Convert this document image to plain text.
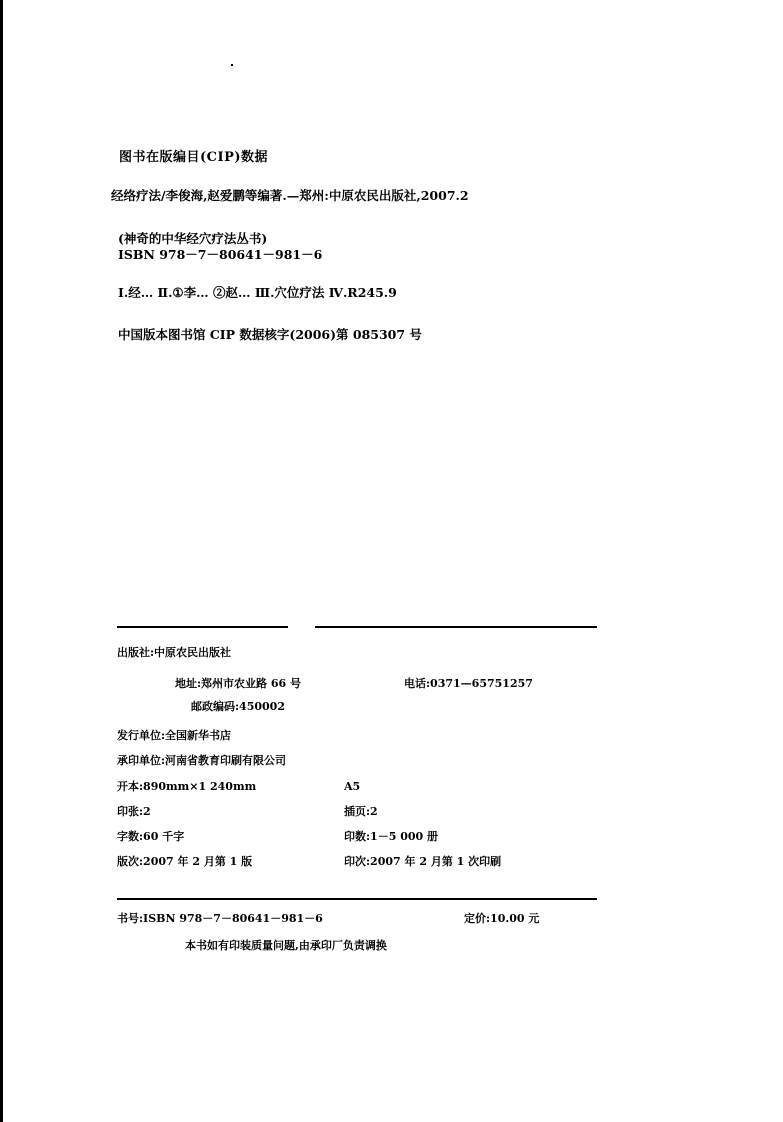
图书在版编目(CIP)数据
经络疗法/李俊海,赵爱鹏等编著.—郑州:中原农民出版社,2007.2
(神奇的中华经穴疗法丛书)
ISBN 978－7－80641－981－6
Ⅰ.经… Ⅱ.①李… ②赵… Ⅲ.穴位疗法 Ⅳ.R245.9
中国版本图书馆 CIP 数据核字(2006)第 085307 号
出版社:中原农民出版社
地址:郑州市农业路 66 号	电话:0371—65751257
邮政编码:450002
发行单位:全国新华书店
承印单位:河南省教育印刷有限公司
开本:890mm×1 240mm	A5
印张:2	插页:2
字数:60 千字	印数:1－5 000 册
版次:2007 年 2 月第 1 版	印次:2007 年 2 月第 1 次印刷
书号:ISBN 978－7－80641－981－6	定价:10.00 元
本书如有印装质量问题,由承印厂负责调换
